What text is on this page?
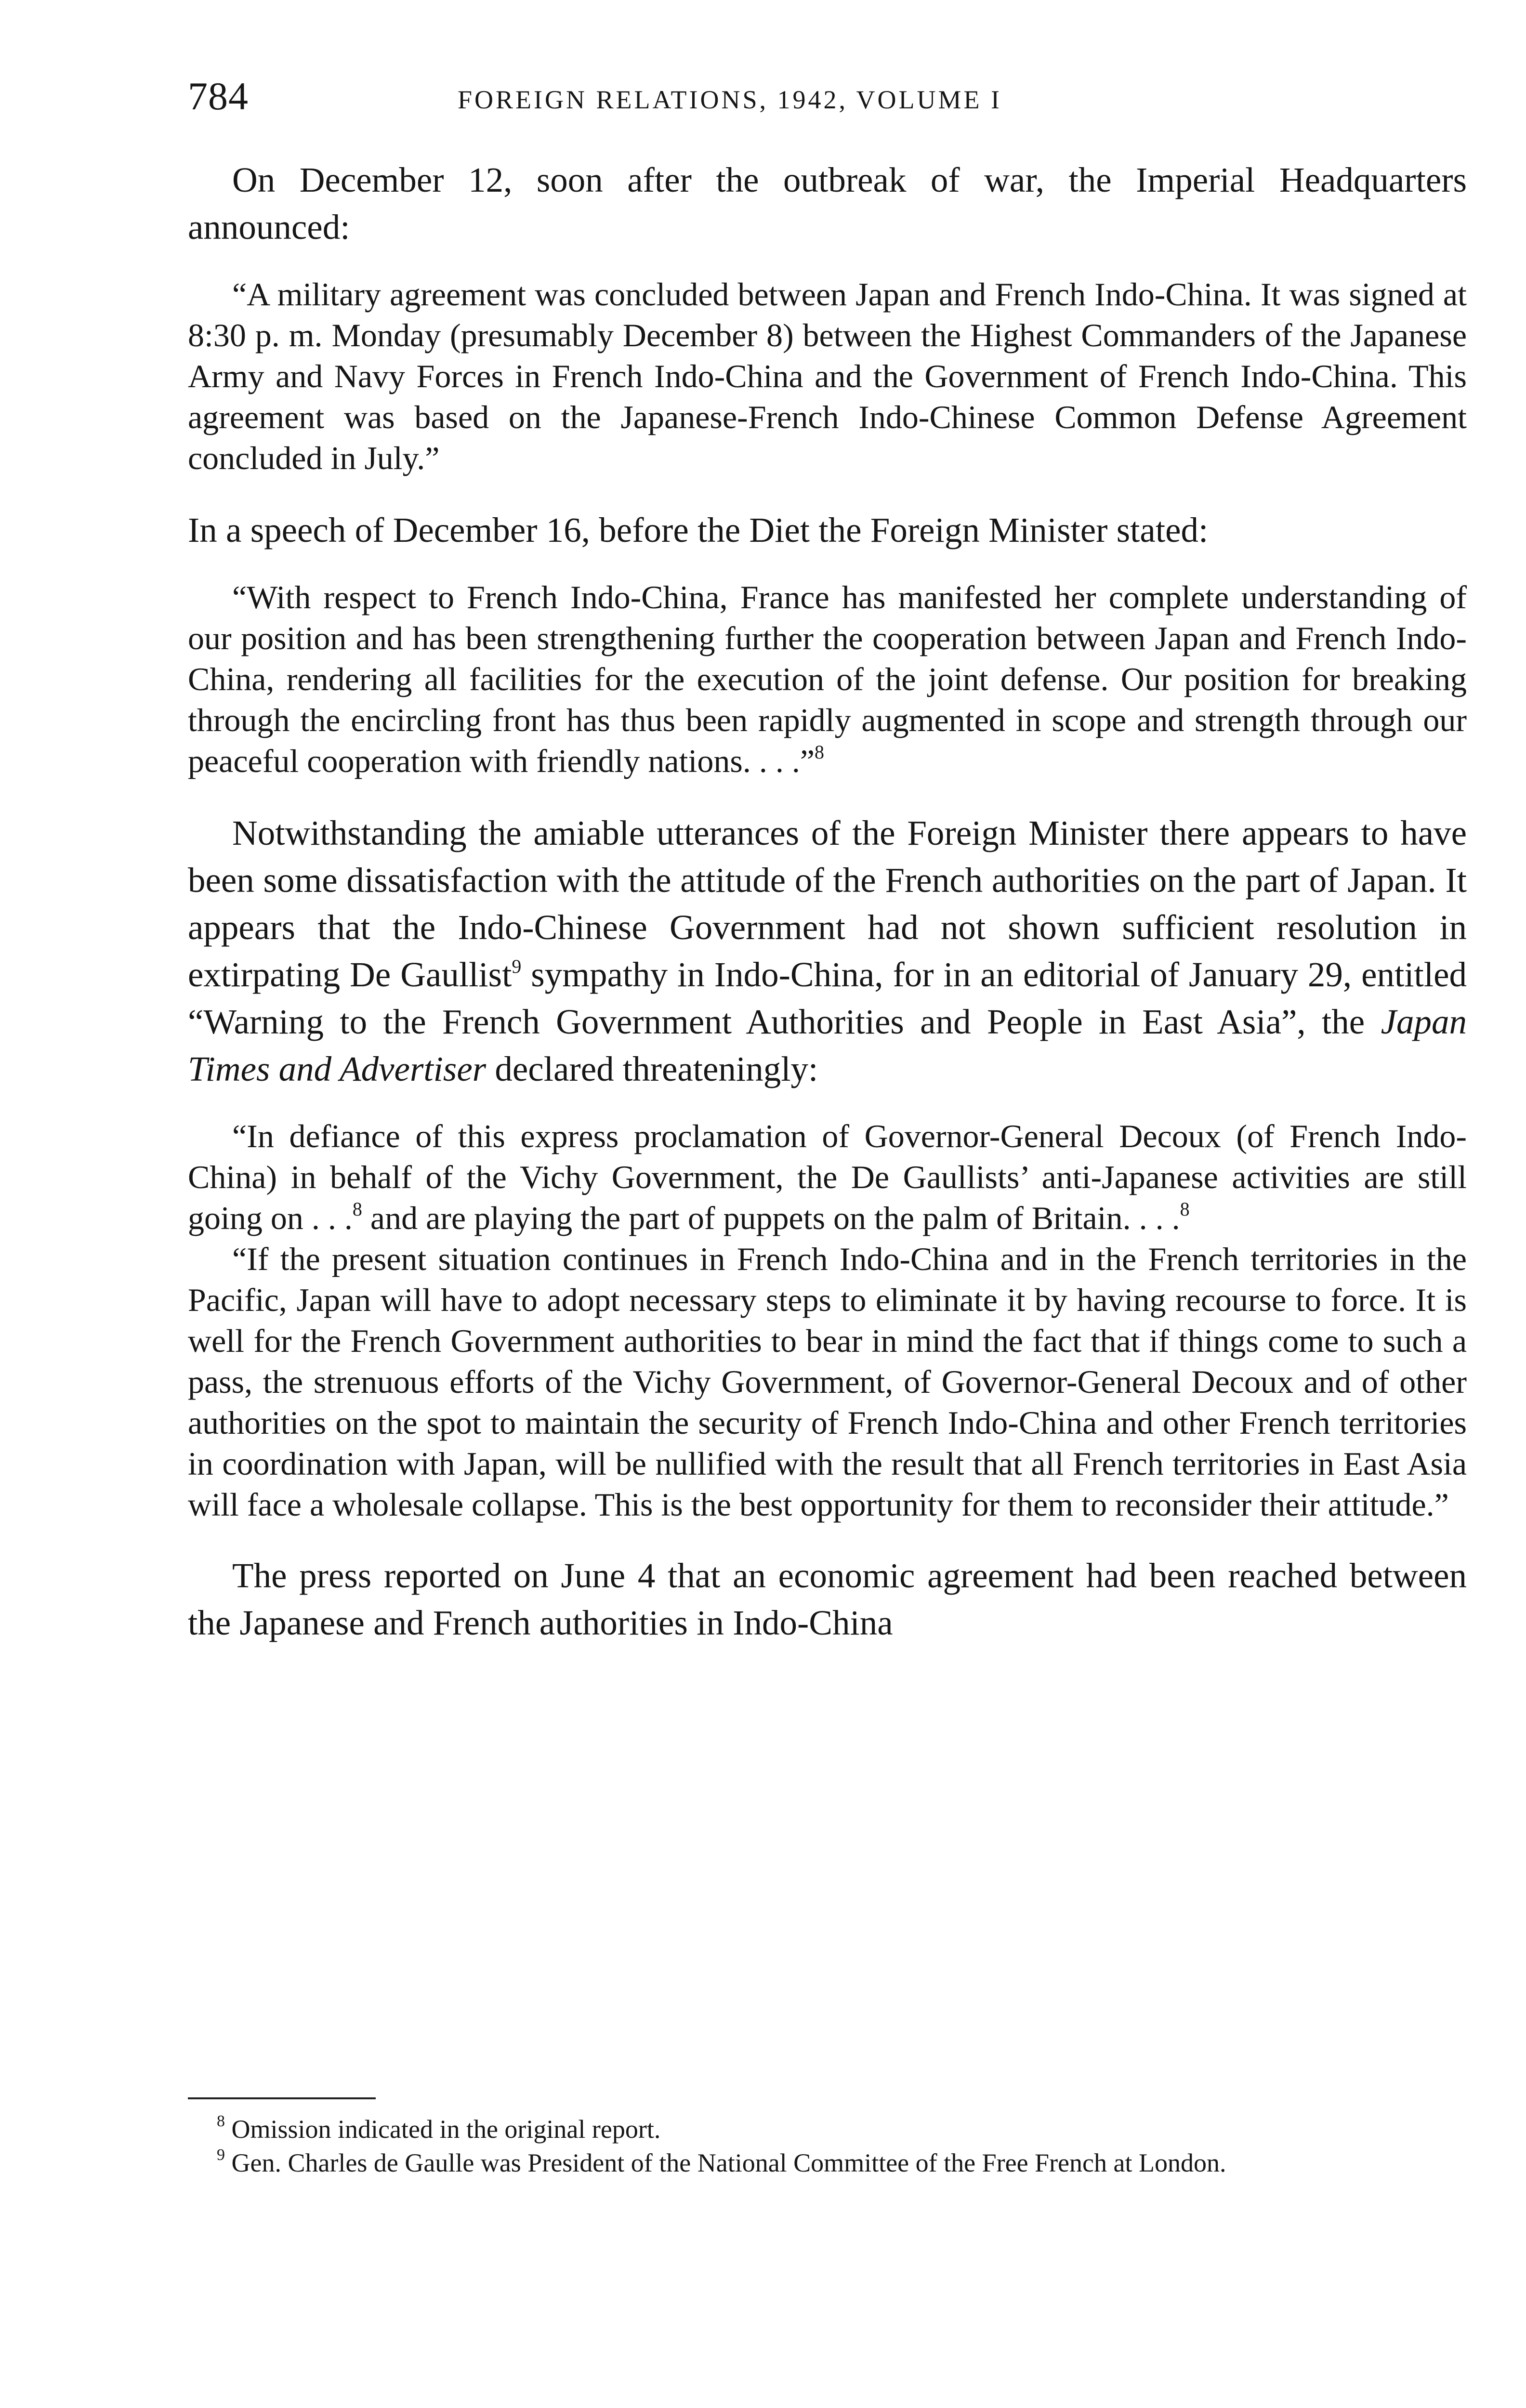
784	FOREIGN RELATIONS, 1942, VOLUME I

On December 12, soon after the outbreak of war, the Imperial Headquarters announced:

“A military agreement was concluded between Japan and French Indo-China. It was signed at 8:30 p. m. Monday (presumably December 8) between the Highest Commanders of the Japanese Army and Navy Forces in French Indo-China and the Government of French Indo-China. This agreement was based on the Japanese-French Indo-Chinese Common Defense Agreement concluded in July.”

In a speech of December 16, before the Diet the Foreign Minister stated:

“With respect to French Indo-China, France has manifested her complete understanding of our position and has been strengthening further the cooperation between Japan and French Indo-China, rendering all facilities for the execution of the joint defense. Our position for breaking through the encircling front has thus been rapidly augmented in scope and strength through our peaceful cooperation with friendly nations. . . .”$^8$

Notwithstanding the amiable utterances of the Foreign Minister there appears to have been some dissatisfaction with the attitude of the French authorities on the part of Japan. It appears that the Indo-Chinese Government had not shown sufficient resolution in extirpating De Gaullist$^9$ sympathy in Indo-China, for in an editorial of January 29, entitled “Warning to the French Government Authorities and People in East Asia”, the Japan Times and Advertiser declared threateningly:

“In defiance of this express proclamation of Governor-General Decoux (of French Indo-China) in behalf of the Vichy Government, the De Gaullists’ anti-Japanese activities are still going on . . .$^8$ and are playing the part of puppets on the palm of Britain. . . .$^8$

“If the present situation continues in French Indo-China and in the French territories in the Pacific, Japan will have to adopt necessary steps to eliminate it by having recourse to force. It is well for the French Government authorities to bear in mind the fact that if things come to such a pass, the strenuous efforts of the Vichy Government, of Governor-General Decoux and of other authorities on the spot to maintain the security of French Indo-China and other French territories in coordination with Japan, will be nullified with the result that all French territories in East Asia will face a wholesale collapse. This is the best opportunity for them to reconsider their attitude.”

The press reported on June 4 that an economic agreement had been reached between the Japanese and French authorities in Indo-China

$^8$ Omission indicated in the original report.

$^9$ Gen. Charles de Gaulle was President of the National Committee of the Free French at London.
